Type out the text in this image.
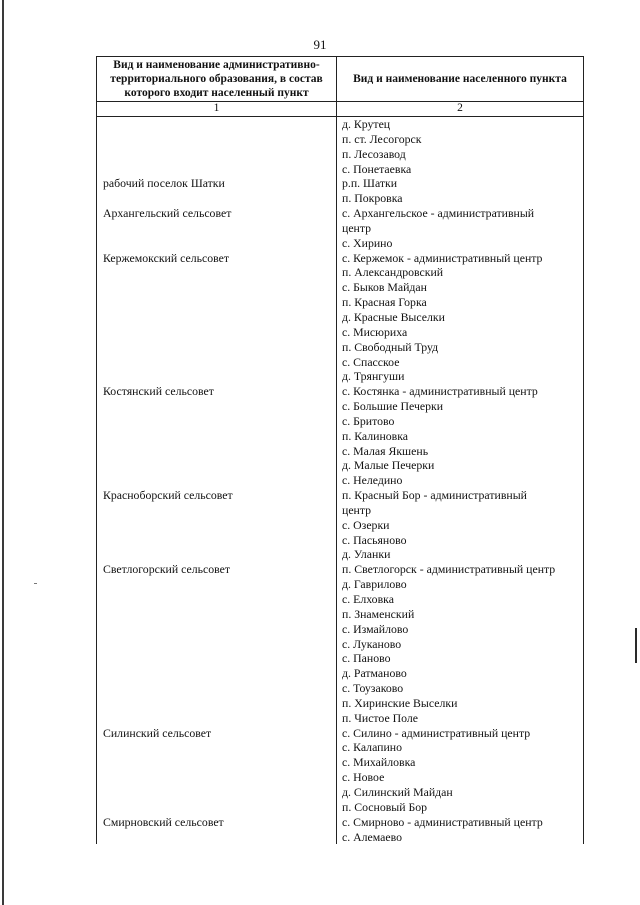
91
Вид и наименование административно-территориального образования, в состав которого входит населенный пункт	Вид и наименование населенного пункта
1	2

	д. Крутец

	п. ст. Лесогорск

	п. Лесозавод

	с. Понетаевка

рабочий поселок Шатки	р.п. Шатки

	п. Покровка

Архангельский сельсовет	с. Архангельское - административный

	центр

	с. Хирино

Кержемокский сельсовет	с. Кержемок - административный центр

	п. Александровский

	с. Быков Майдан

	п. Красная Горка

	д. Красные Выселки

	с. Мисюриха

	п. Свободный Труд

	с. Спасское

	д. Трянгуши

Костянский сельсовет	с. Костянка - административный центр

	с. Большие Печерки

	с. Бритово

	п. Калиновка

	с. Малая Якшень

	д. Малые Печерки

	с. Неледино

Красноборский сельсовет	п. Красный Бор - административный

	центр

	с. Озерки

	с. Пасьяново

	д. Уланки

Светлогорский сельсовет	п. Светлогорск - административный центр

	д. Гаврилово

	с. Елховка

	п. Знаменский

	с. Измайлово

	с. Луканово

	с. Паново

	д. Ратманово

	с. Тоузаково

	п. Хиринские Выселки

	п. Чистое Поле

Силинский сельсовет	с. Силино - административный центр

	с. Калапино

	с. Михайловка

	с. Новое

	д. Силинский Майдан

	п. Сосновый Бор

Смирновский сельсовет	с. Смирново - административный центр

	с. Алемаево
